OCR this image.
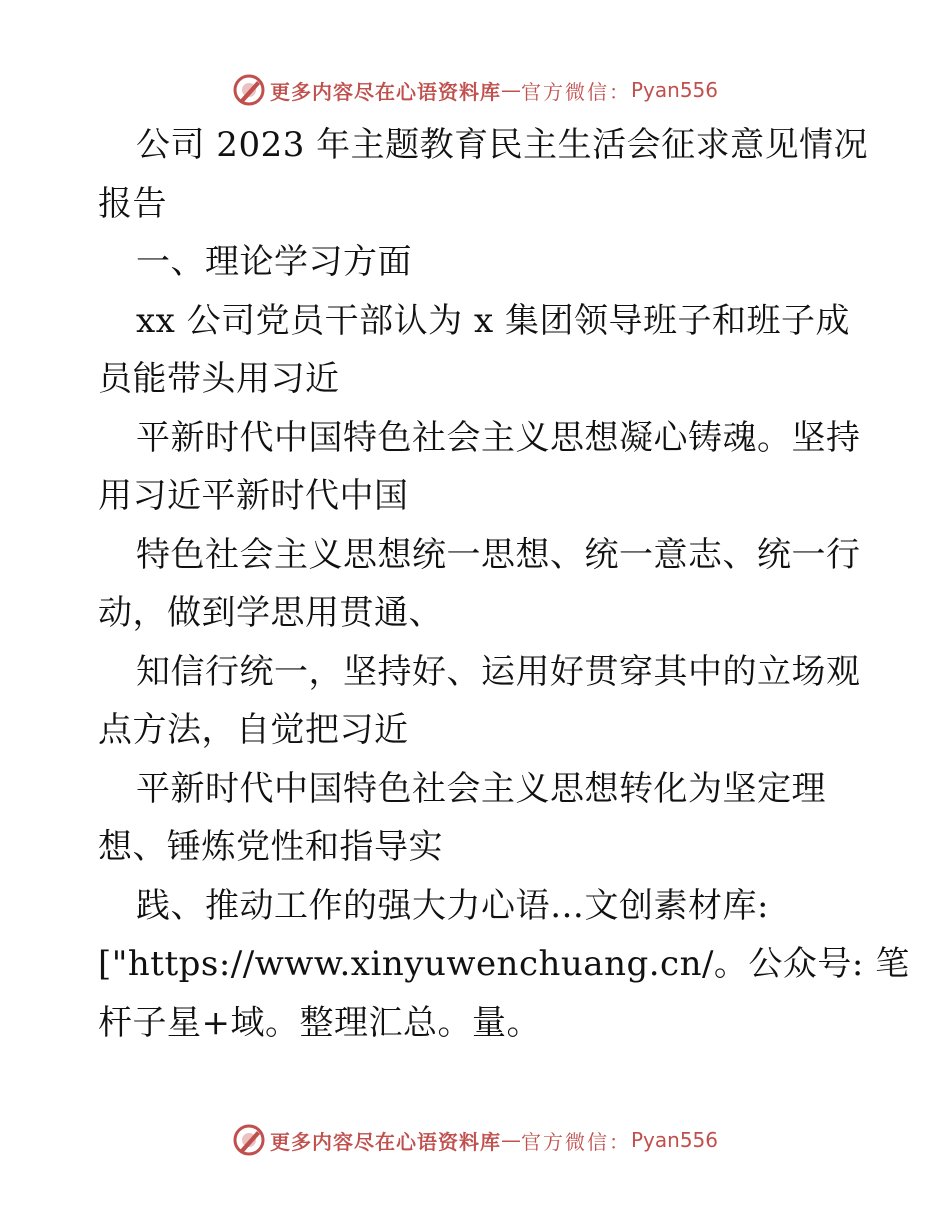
更多内容尽在心语资料库 — 官方微信： Pyan556
公司 2023 年主题教育民主生活会征求意见情况
报告
一、理论学习方面
xx 公司党员干部认为 x 集团领导班子和班子成
员能带头用习近
平新时代中国特色社会主义思想凝心铸魂。坚持
用习近平新时代中国
特色社会主义思想统一思想、统一意志、统一行
动，做到学思用贯通、
知信行统一，坚持好、运用好贯穿其中的立场观
点方法，自觉把习近
平新时代中国特色社会主义思想转化为坚定理
想、锤炼党性和指导实
践、推动工作的强大力心语…文创素材库:
["https://www.xinyuwenchuang.cn/。公众号: 笔
杆子星+域。整理汇总。量。
更多内容尽在心语资料库 — 官方微信： Pyan556
